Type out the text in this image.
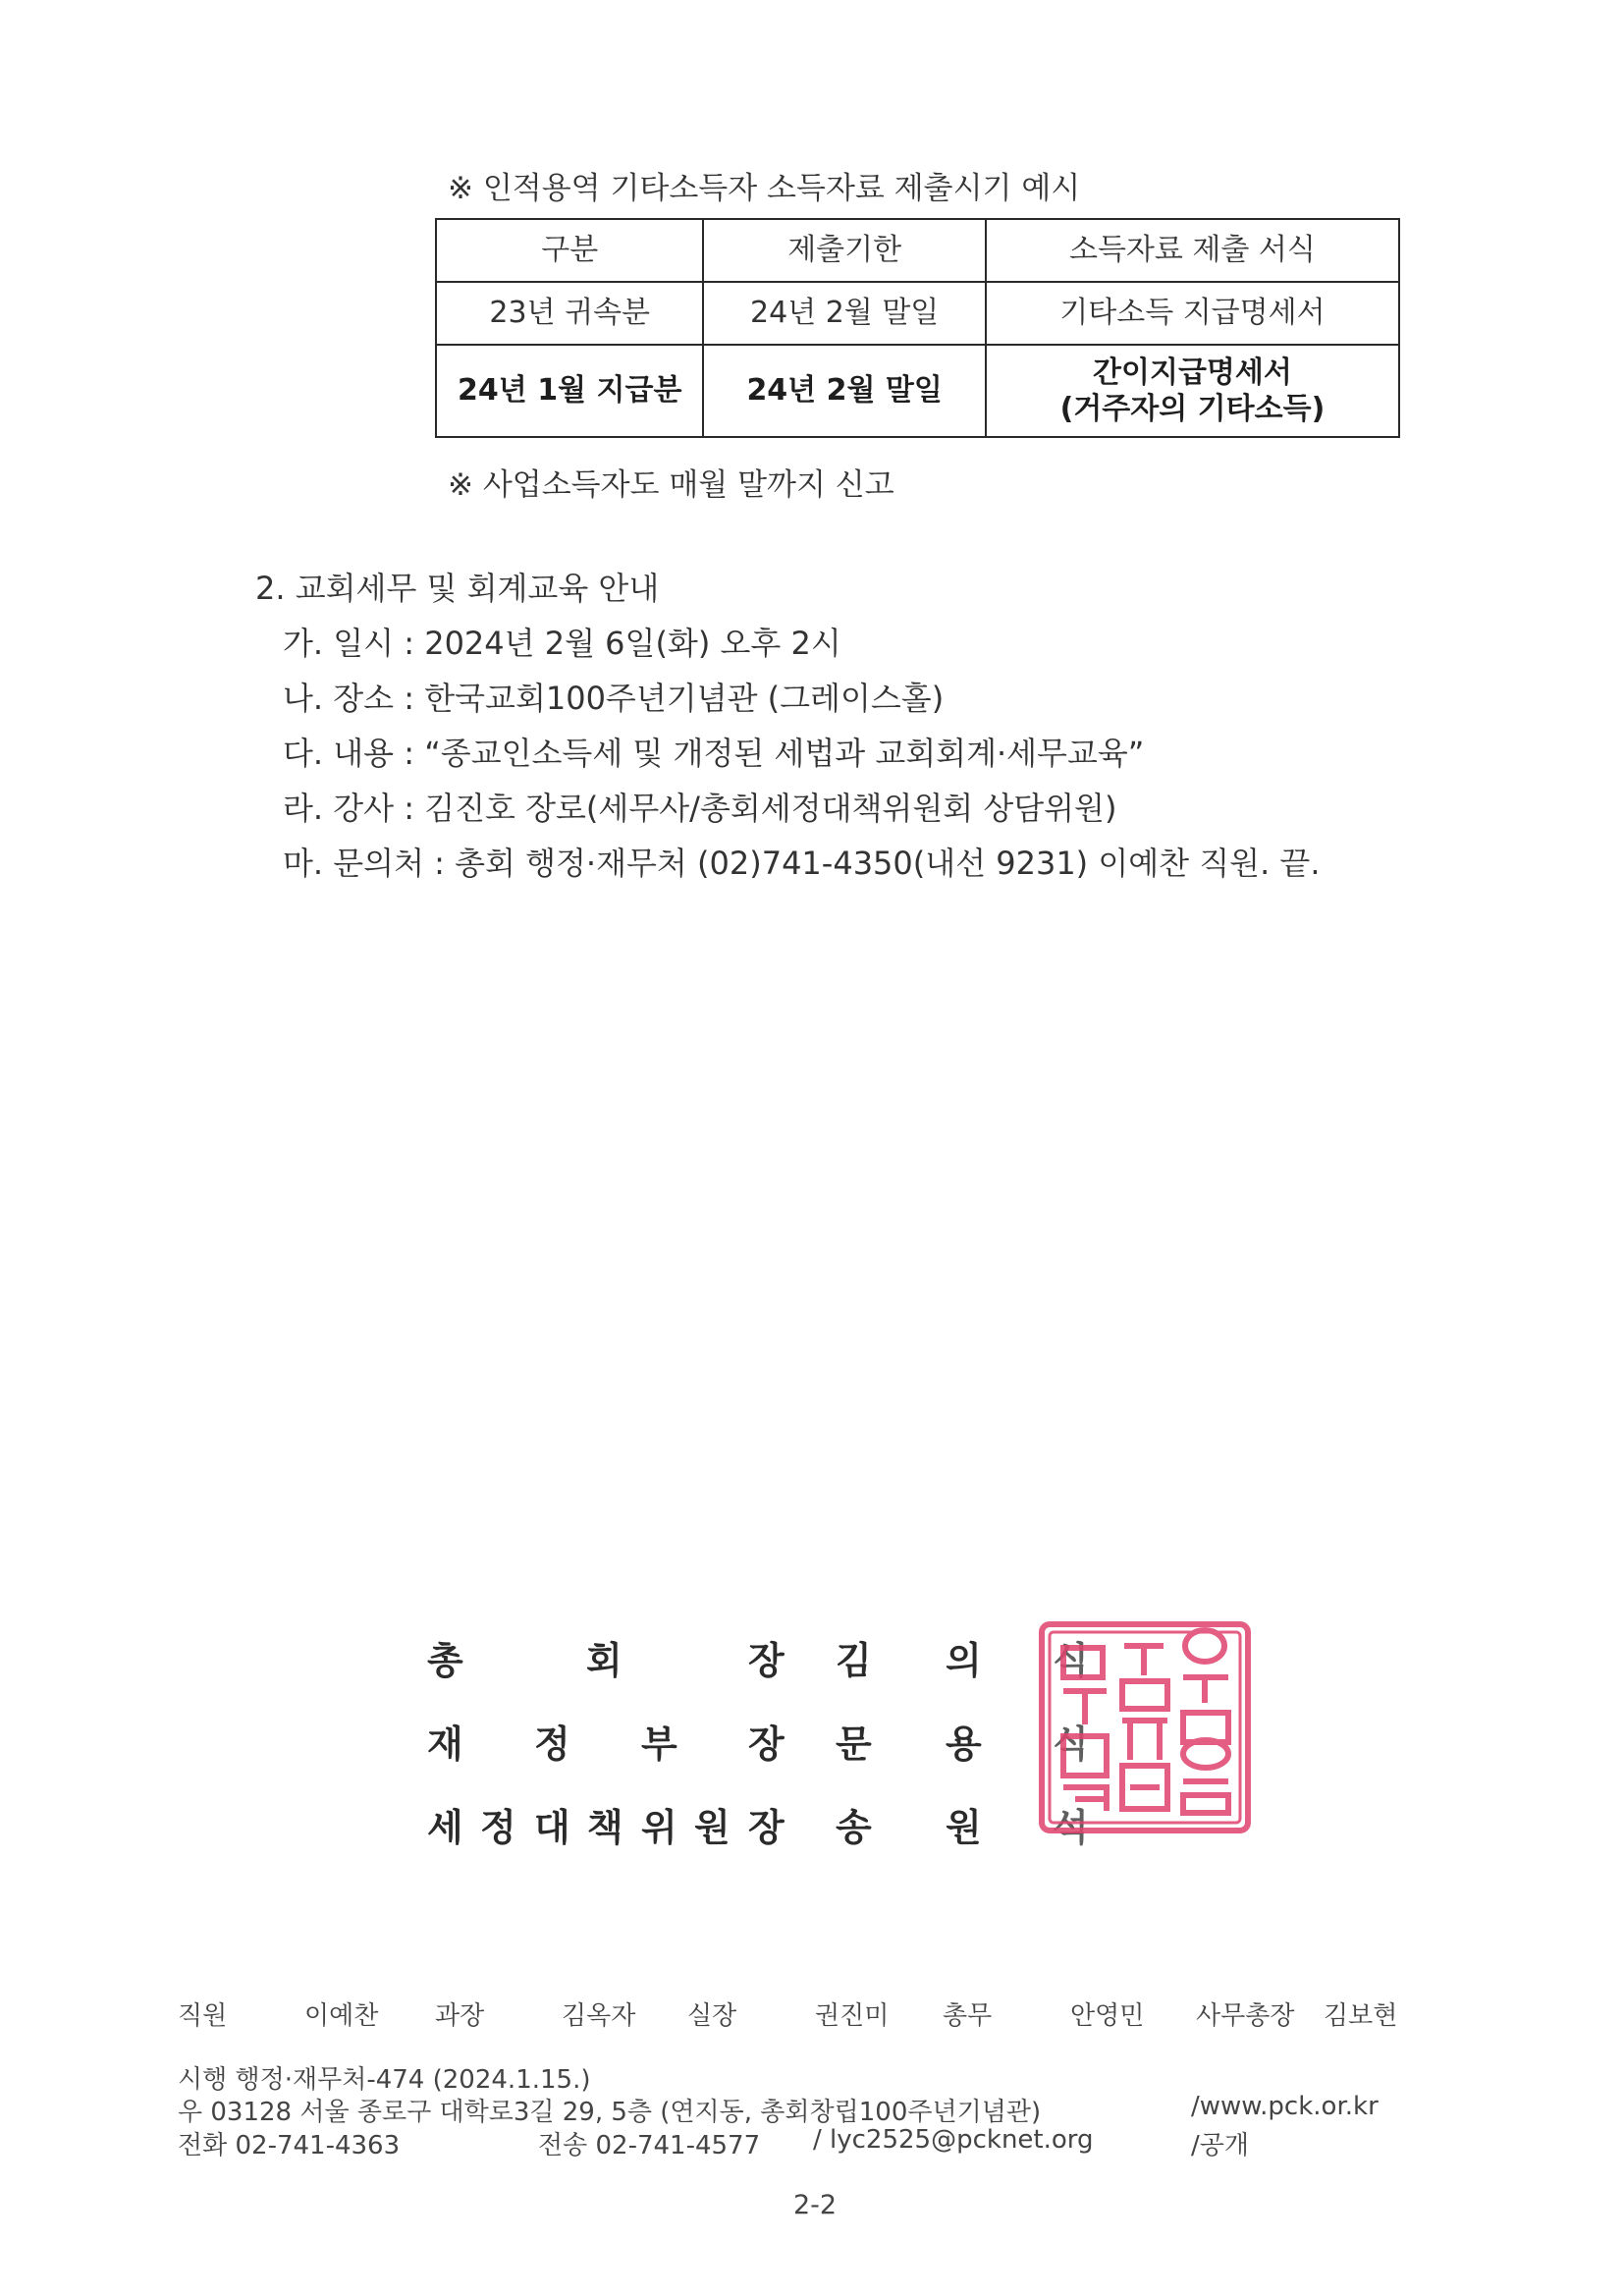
※ 인적용역 기타소득자 소득자료 제출시기 예시
구분	제출기한	소득자료 제출 서식
23년 귀속분	24년 2월 말일	기타소득 지급명세서
24년 1월 지급분	24년 2월 말일	간이지급명세서
(거주자의 기타소득)
※ 사업소득자도 매월 말까지 신고
2. 교회세무 및 회계교육 안내
가. 일시 : 2024년 2월 6일(화) 오후 2시
나. 장소 : 한국교회100주년기념관 (그레이스홀)
다. 내용 : “종교인소득세 및 개정된 세법과 교회회계·세무교육”
라. 강사 : 김진호 장로(세무사/총회세정대책위원회 상담위원)
마. 문의처 : 총회 행정·재무처 (02)741-4350(내선 9231) 이예찬 직원. 끝.
총	회	장 김 의 식
재 정 부 장 문 용 식
세 정 대 책 위 원 장 송 원 석
직원	이예찬 과장	김옥자 실장	권진미 총무	안영민 사무총장 김보현
시행 행정·재무처-474 (2024.1.15.)
우 03128 서울 종로구 대학로3길 29, 5층 (연지동, 총회창립100주년기념관)	/www.pck.or.kr
전화 02-741-4363	전송 02-741-4577 / lyc2525@pcknet.org	/공개
2-2
